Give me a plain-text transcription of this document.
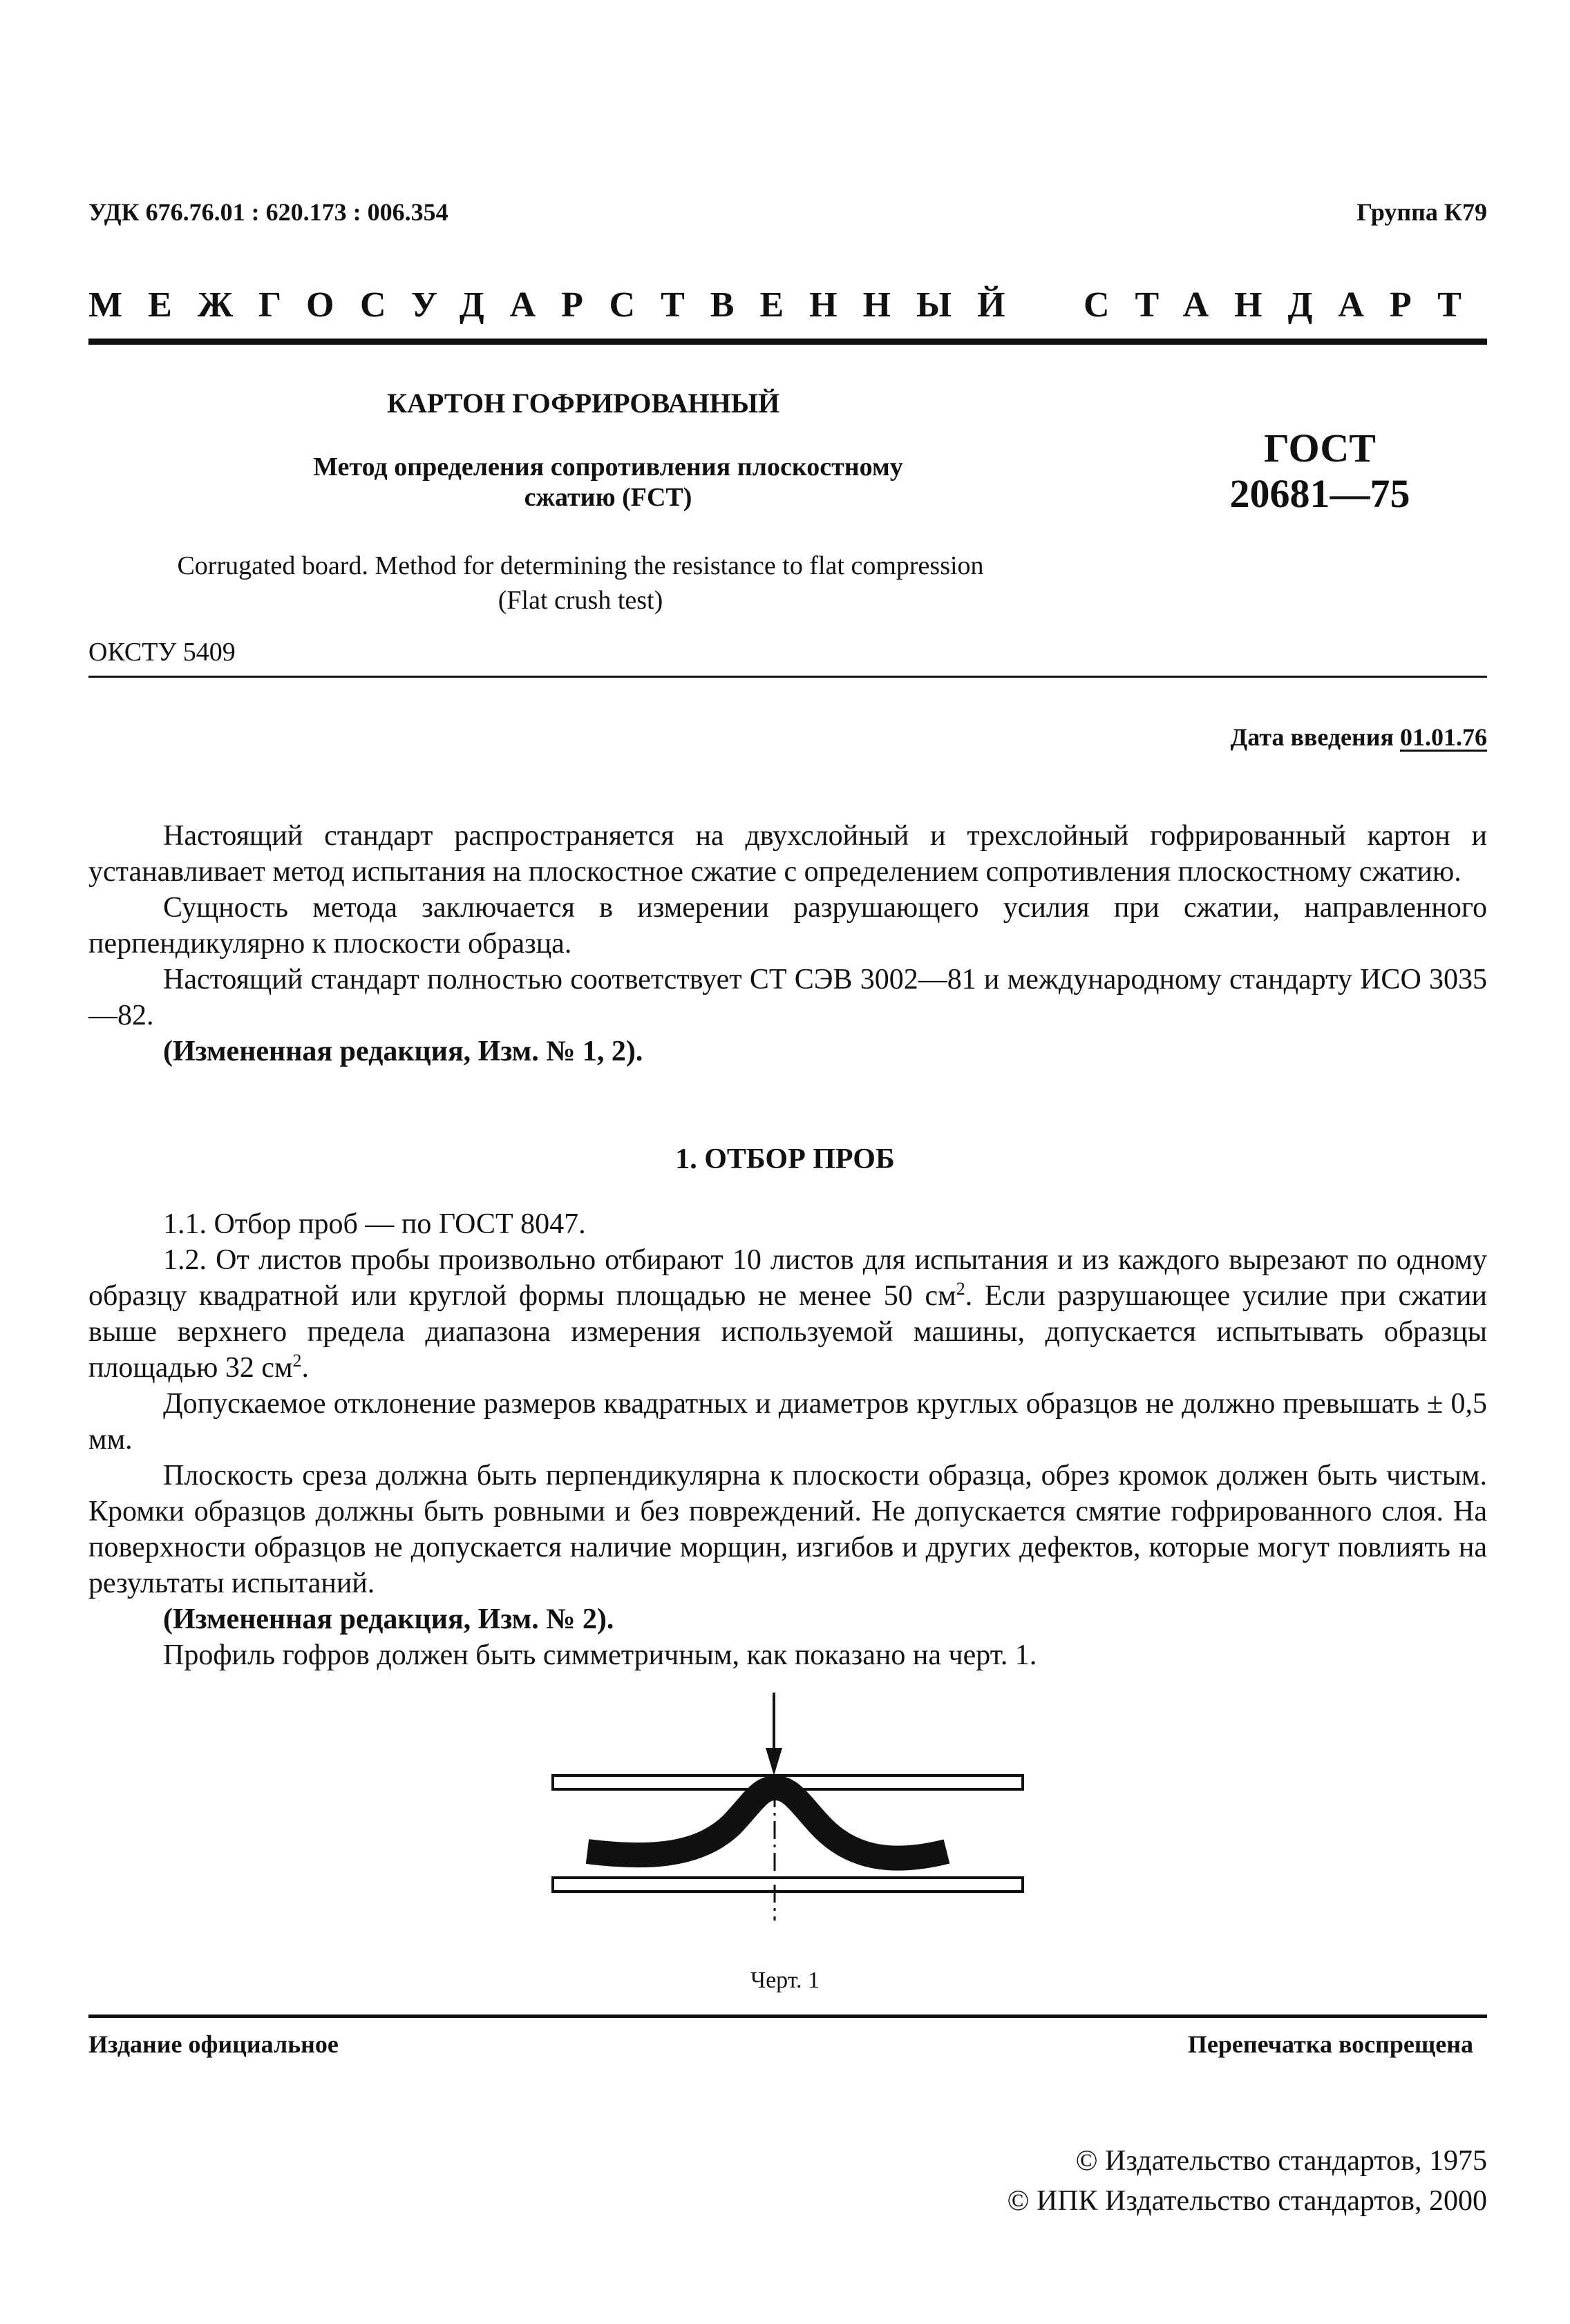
УДК 676.76.01 : 620.173 : 006.354	Группа К79
МЕЖГОСУДАРСТВЕННЫЙ СТАНДАРТ
КАРТОН ГОФРИРОВАННЫЙ
Метод определения сопротивления плоскостному
сжатию (FCT)
ГОСТ
20681—75
Corrugated board. Method for determining the resistance to flat compression
(Flat crush test)
ОКСТУ 5409
Дата введения 01.01.76

Настоящий стандарт распространяется на двухслойный и трехслойный гофрированный картон и устанавливает метод испытания на плоскостное сжатие с определением сопротивления плоскостному сжатию.

Сущность метода заключается в измерении разрушающего усилия при сжатии, направленного перпендикулярно к плоскости образца.

Настоящий стандарт полностью соответствует СТ СЭВ 3002—81 и международному стандарту ИСО 3035—82.

(Измененная редакция, Изм. № 1, 2).

1. ОТБОР ПРОБ

1.1. Отбор проб — по ГОСТ 8047.

1.2. От листов пробы произвольно отбирают 10 листов для испытания и из каждого вырезают по одному образцу квадратной или круглой формы площадью не менее 50 $см^2$. Если разрушающее усилие при сжатии выше верхнего предела диапазона измерения используемой машины, допускается испытывать образцы площадью 32 $см^2$.

Допускаемое отклонение размеров квадратных и диаметров круглых образцов не должно превышать ± 0,5 мм.

Плоскость среза должна быть перпендикулярна к плоскости образца, обрез кромок должен быть чистым. Кромки образцов должны быть ровными и без повреждений. Не допускается смятие гофрированного слоя. На поверхности образцов не допускается наличие морщин, изгибов и других дефектов, которые могут повлиять на результаты испытаний.

(Измененная редакция, Изм. № 2).

Профиль гофров должен быть симметричным, как показано на черт. 1.

Черт. 1
Издание официальное	Перепечатка воспрещена
© Издательство стандартов, 1975
© ИПК Издательство стандартов, 2000
